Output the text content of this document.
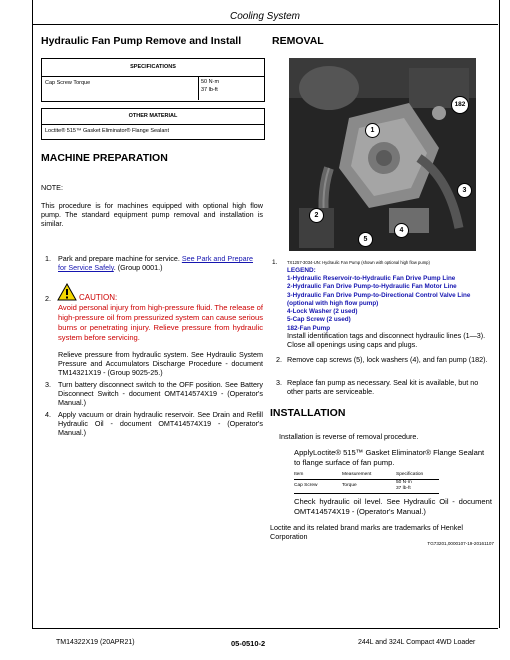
Cooling System
Hydraulic Fan Pump Remove and Install
SPECIFICATIONS
Cap Screw Torque	50 N·m
37 lb-ft
OTHER MATERIAL
Loctite® 515™ Gasket Eliminator® Flange Sealant
MACHINE PREPARATION
NOTE:
This procedure is for machines equipped with optional high flow pump. The standard equipment pump removal and installation is similar.
1. Park and prepare machine for service. See Park and Prepare for Service Safely. (Group 0001.)
2.	CAUTION:
Avoid personal injury from high-pressure fluid. The release of high-pressure oil from pressurized system can cause serious burns or penetrating injury. Relieve pressure from hydraulic system before servicing.
Relieve pressure from hydraulic system. See Hydraulic System Pressure and Accumulators Discharge Procedure - document TM14321X19 - (Group 9025-25.)
3. Turn battery disconnect switch to the OFF position. See Battery Disconnect Switch - document OMT414574X19 - (Operator's Manual.)
4. Apply vacuum or drain hydraulic reservoir. See Drain and Refill Hydraulic Oil - document OMT414574X19 - (Operator's Manual.)
REMOVAL
182
1
3
2
4
5
1. TX1257-3034-UN: Hydraulic Fan Pump (shown with optional high flow pump)
LEGEND:
1-Hydraulic Reservoir-to-Hydraulic Fan Drive Pump Line
2-Hydraulic Fan Drive Pump-to-Hydraulic Fan Motor Line
3-Hydraulic Fan Drive Pump-to-Directional Control Valve Line (optional with high flow pump)
4-Lock Washer (2 used)
5-Cap Screw (2 used)
182-Fan Pump
Install identification tags and disconnect hydraulic lines (1—3). Close all openings using caps and plugs.
2. Remove cap screws (5), lock washers (4), and fan pump (182).
3. Replace fan pump as necessary. Seal kit is available, but no other parts are serviceable.
INSTALLATION
Installation is reverse of removal procedure.
ApplyLoctite® 515™ Gasket Eliminator® Flange Sealant to flange surface of fan pump.
Item	Measurement	Specification
Cap Screw	Torque
50 N·m
37 lb-ft
Check hydraulic oil level. See Hydraulic Oil - document OMT414574X19 - (Operator's Manual.)
Loctite and its related brand marks are trademarks of Henkel Corporation
TG73201,0000107-19-20161107
TM14322X19 (20APR21)	05-0510-2	244L and 324L Compact 4WD Loader
